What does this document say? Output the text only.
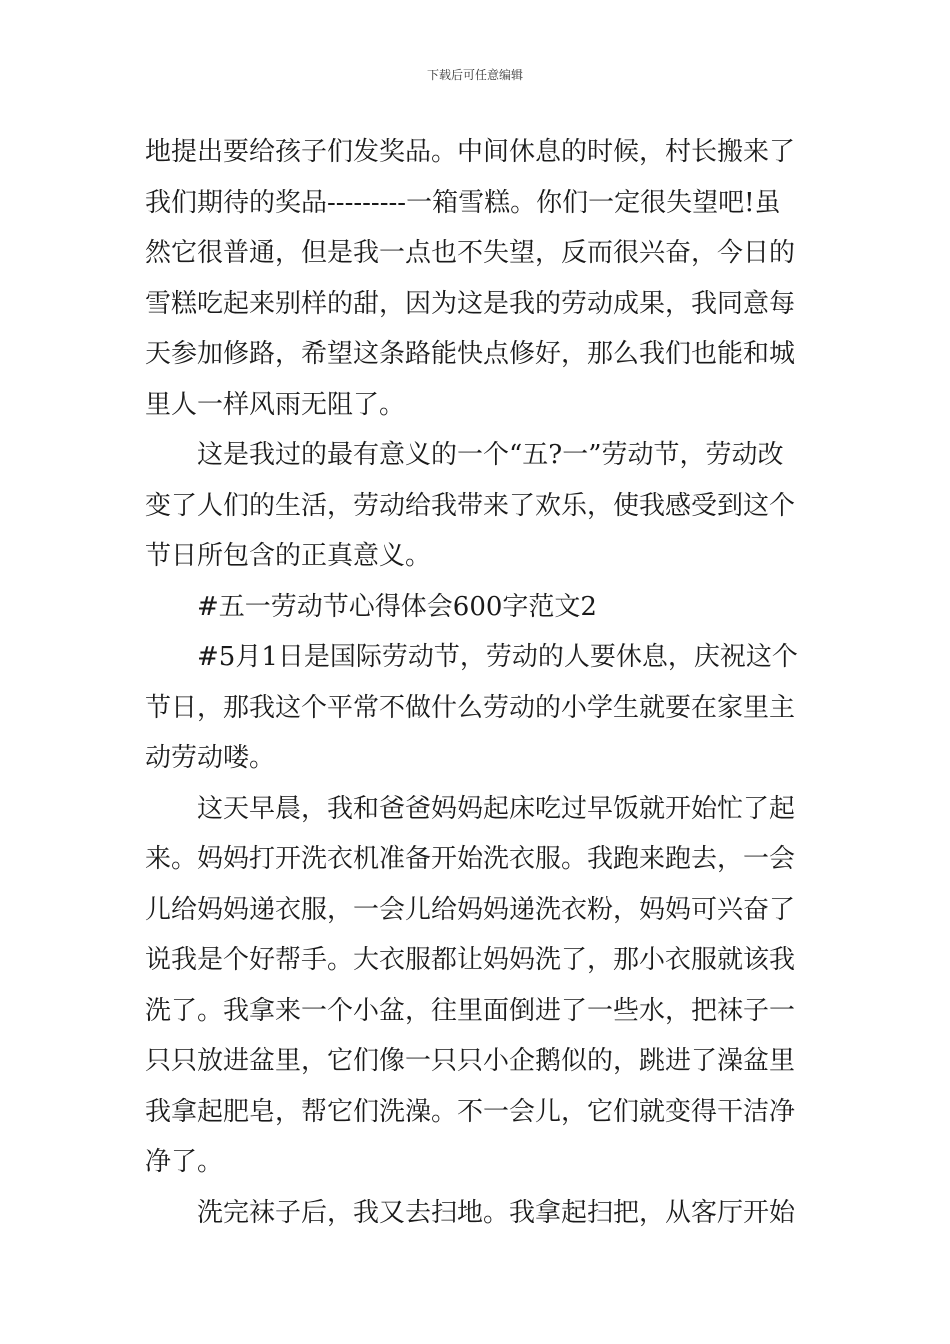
下载后可任意编辑
地提出要给孩子们发奖品。中间休息的时候，村长搬来了
我们期待的奖品---------一箱雪糕。你们一定很失望吧!虽
然它很普通，但是我一点也不失望，反而很兴奋，今日的
雪糕吃起来别样的甜，因为这是我的劳动成果，我同意每
天参加修路，希望这条路能快点修好，那么我们也能和城
里人一样风雨无阻了。
这是我过的最有意义的一个“五?一”劳动节，劳动改
变了人们的生活，劳动给我带来了欢乐，使我感受到这个
节日所包含的正真意义。
#五一劳动节心得体会600字范文2
#5月1日是国际劳动节，劳动的人要休息，庆祝这个
节日，那我这个平常不做什么劳动的小学生就要在家里主
动劳动喽。
这天早晨，我和爸爸妈妈起床吃过早饭就开始忙了起
来。妈妈打开洗衣机准备开始洗衣服。我跑来跑去，一会
儿给妈妈递衣服，一会儿给妈妈递洗衣粉，妈妈可兴奋了
说我是个好帮手。大衣服都让妈妈洗了，那小衣服就该我
洗了。我拿来一个小盆，往里面倒进了一些水，把袜子一
只只放进盆里，它们像一只只小企鹅似的，跳进了澡盆里
我拿起肥皂，帮它们洗澡。不一会儿，它们就变得干洁净
净了。
洗完袜子后，我又去扫地。我拿起扫把，从客厅开始
